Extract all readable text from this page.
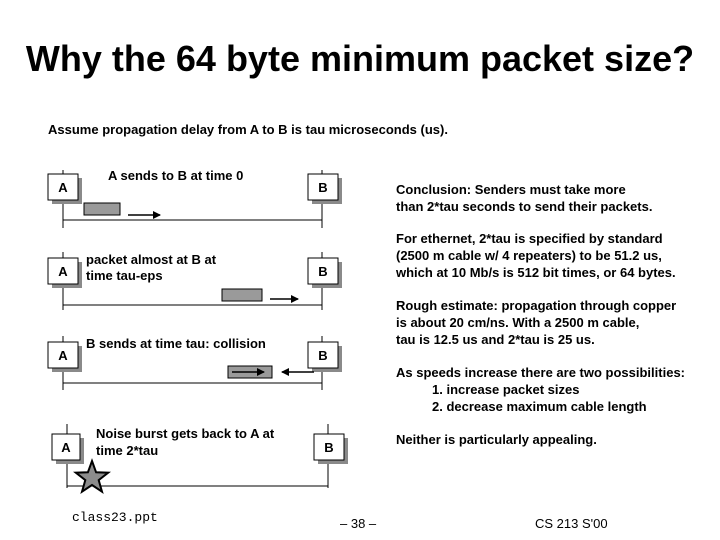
Why the 64 byte minimum packet size?
Assume propagation delay from A to B is tau microseconds (us).
A	B
A sends to B at time 0
A	B
packet almost at B at time tau-eps
A	B
B sends at time tau: collision
A	B
Noise burst gets back to A at time 2*tau
Conclusion: Senders must take more
than 2*tau seconds to send their packets.
For ethernet, 2*tau is specified by standard
(2500 m cable w/ 4 repeaters) to be 51.2 us,
which at 10 Mb/s is 512 bit times, or 64 bytes.
Rough estimate: propagation through copper
is about 20 cm/ns. With a 2500 m cable,
tau is 12.5 us and 2*tau is 25 us.
As speeds increase there are two possibilities:
1. increase packet sizes
2. decrease maximum cable length
Neither is particularly appealing.
class23.ppt	– 38 –	CS 213 S'00
